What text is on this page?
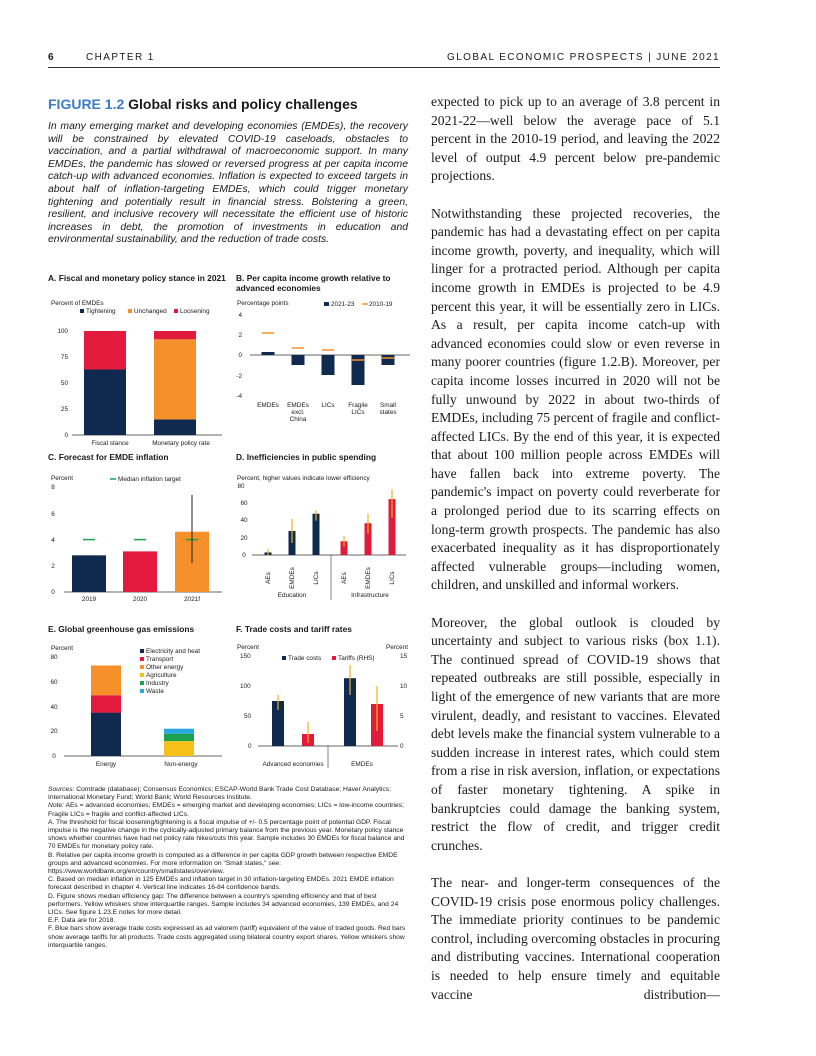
6	CHAPTER 1	GLOBAL ECONOMIC PROSPECTS | JUNE 2021
FIGURE 1.2 Global risks and policy challenges
In many emerging market and developing economies (EMDEs), the recovery will be constrained by elevated COVID-19 caseloads, obstacles to vaccination, and a partial withdrawal of macroeconomic support. In many EMDEs, the pandemic has slowed or reversed progress at per capita income catch-up with advanced economies. Inflation is expected to exceed targets in about half of inflation-targeting EMDEs, which could trigger monetary tightening and potentially result in financial stress. Bolstering a green, resilient, and inclusive recovery will necessitate the efficient use of historic increases in debt, the promotion of investments in education and environmental sustainability, and the reduction of trade costs.
A. Fiscal and monetary policy stance in 2021
Percent of EMDEs
Tightening	Unchanged Loosening
0
25
50
75
100
Fiscal stance	Monetary policy rate
B. Per capita income growth relative to advanced economies
Percentage points	2021-23 2010-19
4
2
0
-2
-4
EMDEs EMDEs
excl.
China
LICs Fragile
LICs
Small
states
C. Forecast for EMDE inflation
Percent	Median inflation target
8
6
4
2
0
2019	2020	2021f
D. Inefficiencies in public spending
Percent, higher values indicate lower efficiency
80
60
40
20
0
Education	Infrastructure
AEs	EMDEs	LICs	AEs	EMDEs	LICs
E. Global greenhouse gas emissions
Percent
80
60
40
20
0
Energy	Non-energy
Electricity and heat
Transport
Other energy
Agriculture
Industry
Waste
F. Trade costs and tariff rates
Percent	Percent
Trade costs	Tariffs (RHS)
150
100
50
0
15
10
5
0
Advanced economies	EMDEs
Sources: Comtrade (database); Consensus Economics; ESCAP-World Bank Trade Cost Database; Haver Analytics; International Monetary Fund; World Bank; World Resources Institute.
Note: AEs = advanced economies; EMDEs = emerging market and developing economies; LICs = low-income countries; Fragile LICs = fragile and conflict-affected LICs.
A. The threshold for fiscal loosening/tightening is a fiscal impulse of +/- 0.5 percentage point of potential GDP. Fiscal impulse is the negative change in the cyclically-adjusted primary balance from the previous year. Monetary policy stance shows whether countries have had net policy rate hikes/cuts this year. Sample includes 30 EMDEs for fiscal balance and 70 EMDEs for monetary policy rate.
B. Relative per capita income growth is computed as a difference in per capita GDP growth between respective EMDE groups and advanced economies. For more information on "Small states," see: https://www.worldbank.org/en/country/smallstates/overview.
C. Based on median inflation in 125 EMDEs and inflation target in 30 inflation-targeting EMDEs. 2021 EMDE inflation forecast described in chapter 4. Vertical line indicates 16-84 confidence bands.
D. Figure shows median efficiency gap: The difference between a country's spending efficiency and that of best performers. Yellow whiskers show interquartile ranges. Sample includes 34 advanced economies, 139 EMDEs, and 24 LICs. See figure 1.23.E notes for more detail.
E.F. Data are for 2018.
F. Blue bars show average trade costs expressed as ad valorem (tariff) equivalent of the value of traded goods. Red bars show average tariffs for all products. Trade costs aggregated using bilateral country export shares. Yellow whiskers show interquartile ranges.

expected to pick up to an average of 3.8 percent in 2021-22—well below the average pace of 5.1 percent in the 2010-19 period, and leaving the 2022 level of output 4.9 percent below pre-pandemic projections.

Notwithstanding these projected recoveries, the pandemic has had a devastating effect on per capita income growth, poverty, and inequality, which will linger for a protracted period. Although per capita income growth in EMDEs is projected to be 4.9 percent this year, it will be essentially zero in LICs. As a result, per capita income catch-up with advanced economies could slow or even reverse in many poorer countries (figure 1.2.B). Moreover, per capita income losses incurred in 2020 will not be fully unwound by 2022 in about two-thirds of EMDEs, including 75 percent of fragile and conflict-affected LICs. By the end of this year, it is expected that about 100 million people across EMDEs will have fallen back into extreme poverty. The pandemic's impact on poverty could reverberate for a prolonged period due to its scarring effects on long-term growth prospects. The pandemic has also exacerbated inequality as it has disproportionately affected vulnerable groups—including women, children, and unskilled and informal workers.

Moreover, the global outlook is clouded by uncertainty and subject to various risks (box 1.1). The continued spread of COVID-19 shows that repeated outbreaks are still possible, especially in light of the emergence of new variants that are more virulent, deadly, and resistant to vaccines. Elevated debt levels make the financial system vulnerable to a sudden increase in interest rates, which could stem from a rise in risk aversion, inflation, or expectations of faster monetary tightening. A spike in bankruptcies could damage the banking system, restrict the flow of credit, and trigger credit crunches.

The near- and longer-term consequences of the COVID-19 crisis pose enormous policy challenges. The immediate priority continues to be pandemic control, including overcoming obstacles in procuring and distributing vaccines. International cooperation is needed to help ensure timely and equitable vaccine distribution—
